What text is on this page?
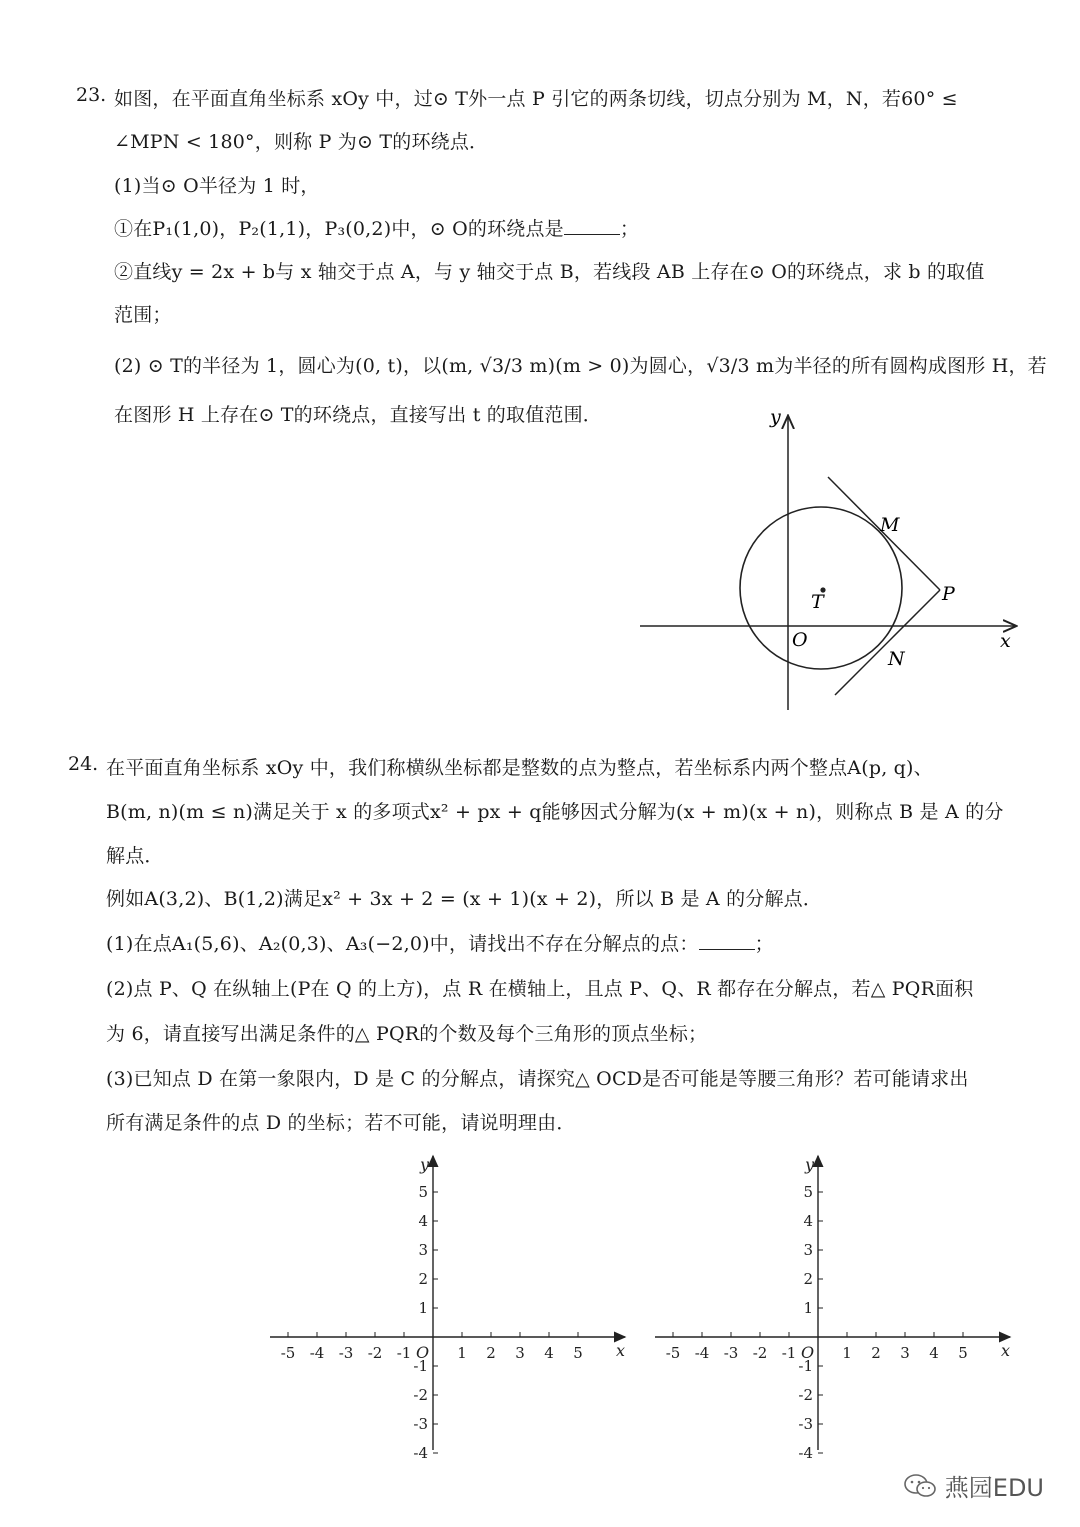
23. 如图，在平面直角坐标系 xOy 中，过⊙ T外一点 P 引它的两条切线，切点分别为 M，N，若60° ≤
∠MPN < 180°，则称 P 为⊙ T的环绕点．
(1)当⊙ O半径为 1 时，
①在P₁(1,0)，P₂(1,1)，P₃(0,2)中，⊙ O的环绕点是	；
②直线y = 2x + b与 x 轴交于点 A，与 y 轴交于点 B，若线段 AB 上存在⊙ O的环绕点，求 b 的取值
范围；
(2) ⊙ T的半径为 1，圆心为(0, t)，以(m, √3/3 m)(m > 0)为圆心，√3/3 m为半径的所有圆构成图形 H，若
在图形 H 上存在⊙ T的环绕点，直接写出 t 的取值范围．	y
x
M
T	P
O
N
24. 在平面直角坐标系 xOy 中，我们称横纵坐标都是整数的点为整点，若坐标系内两个整点A(p, q)、
B(m, n)(m ≤ n)满足关于 x 的多项式x² + px + q能够因式分解为(x + m)(x + n)，则称点 B 是 A 的分
解点．
例如A(3,2)、B(1,2)满足x² + 3x + 2 = (x + 1)(x + 2)，所以 B 是 A 的分解点．
(1)在点A₁(5,6)、A₂(0,3)、A₃(−2,0)中，请找出不存在分解点的点：	；
(2)点 P、Q 在纵轴上(P在 Q 的上方)，点 R 在横轴上，且点 P、Q、R 都存在分解点，若△ PQR面积
为 6，请直接写出满足条件的△ PQR的个数及每个三角形的顶点坐标；
(3)已知点 D 在第一象限内，D 是 C 的分解点，请探究△ OCD是否可能是等腰三角形？若可能请求出
所有满足条件的点 D 的坐标；若不可能，请说明理由．
-5 -4 -3 -2 -1	1 2 3 4 5
5
4
3
2
1
-1
-2
-3
-4
O	x
y
-5 -4 -3 -2 -1	1 2 3 4 5
5
4
3
2
1
-1
-2
-3
-4
O	x
y
燕园EDU
